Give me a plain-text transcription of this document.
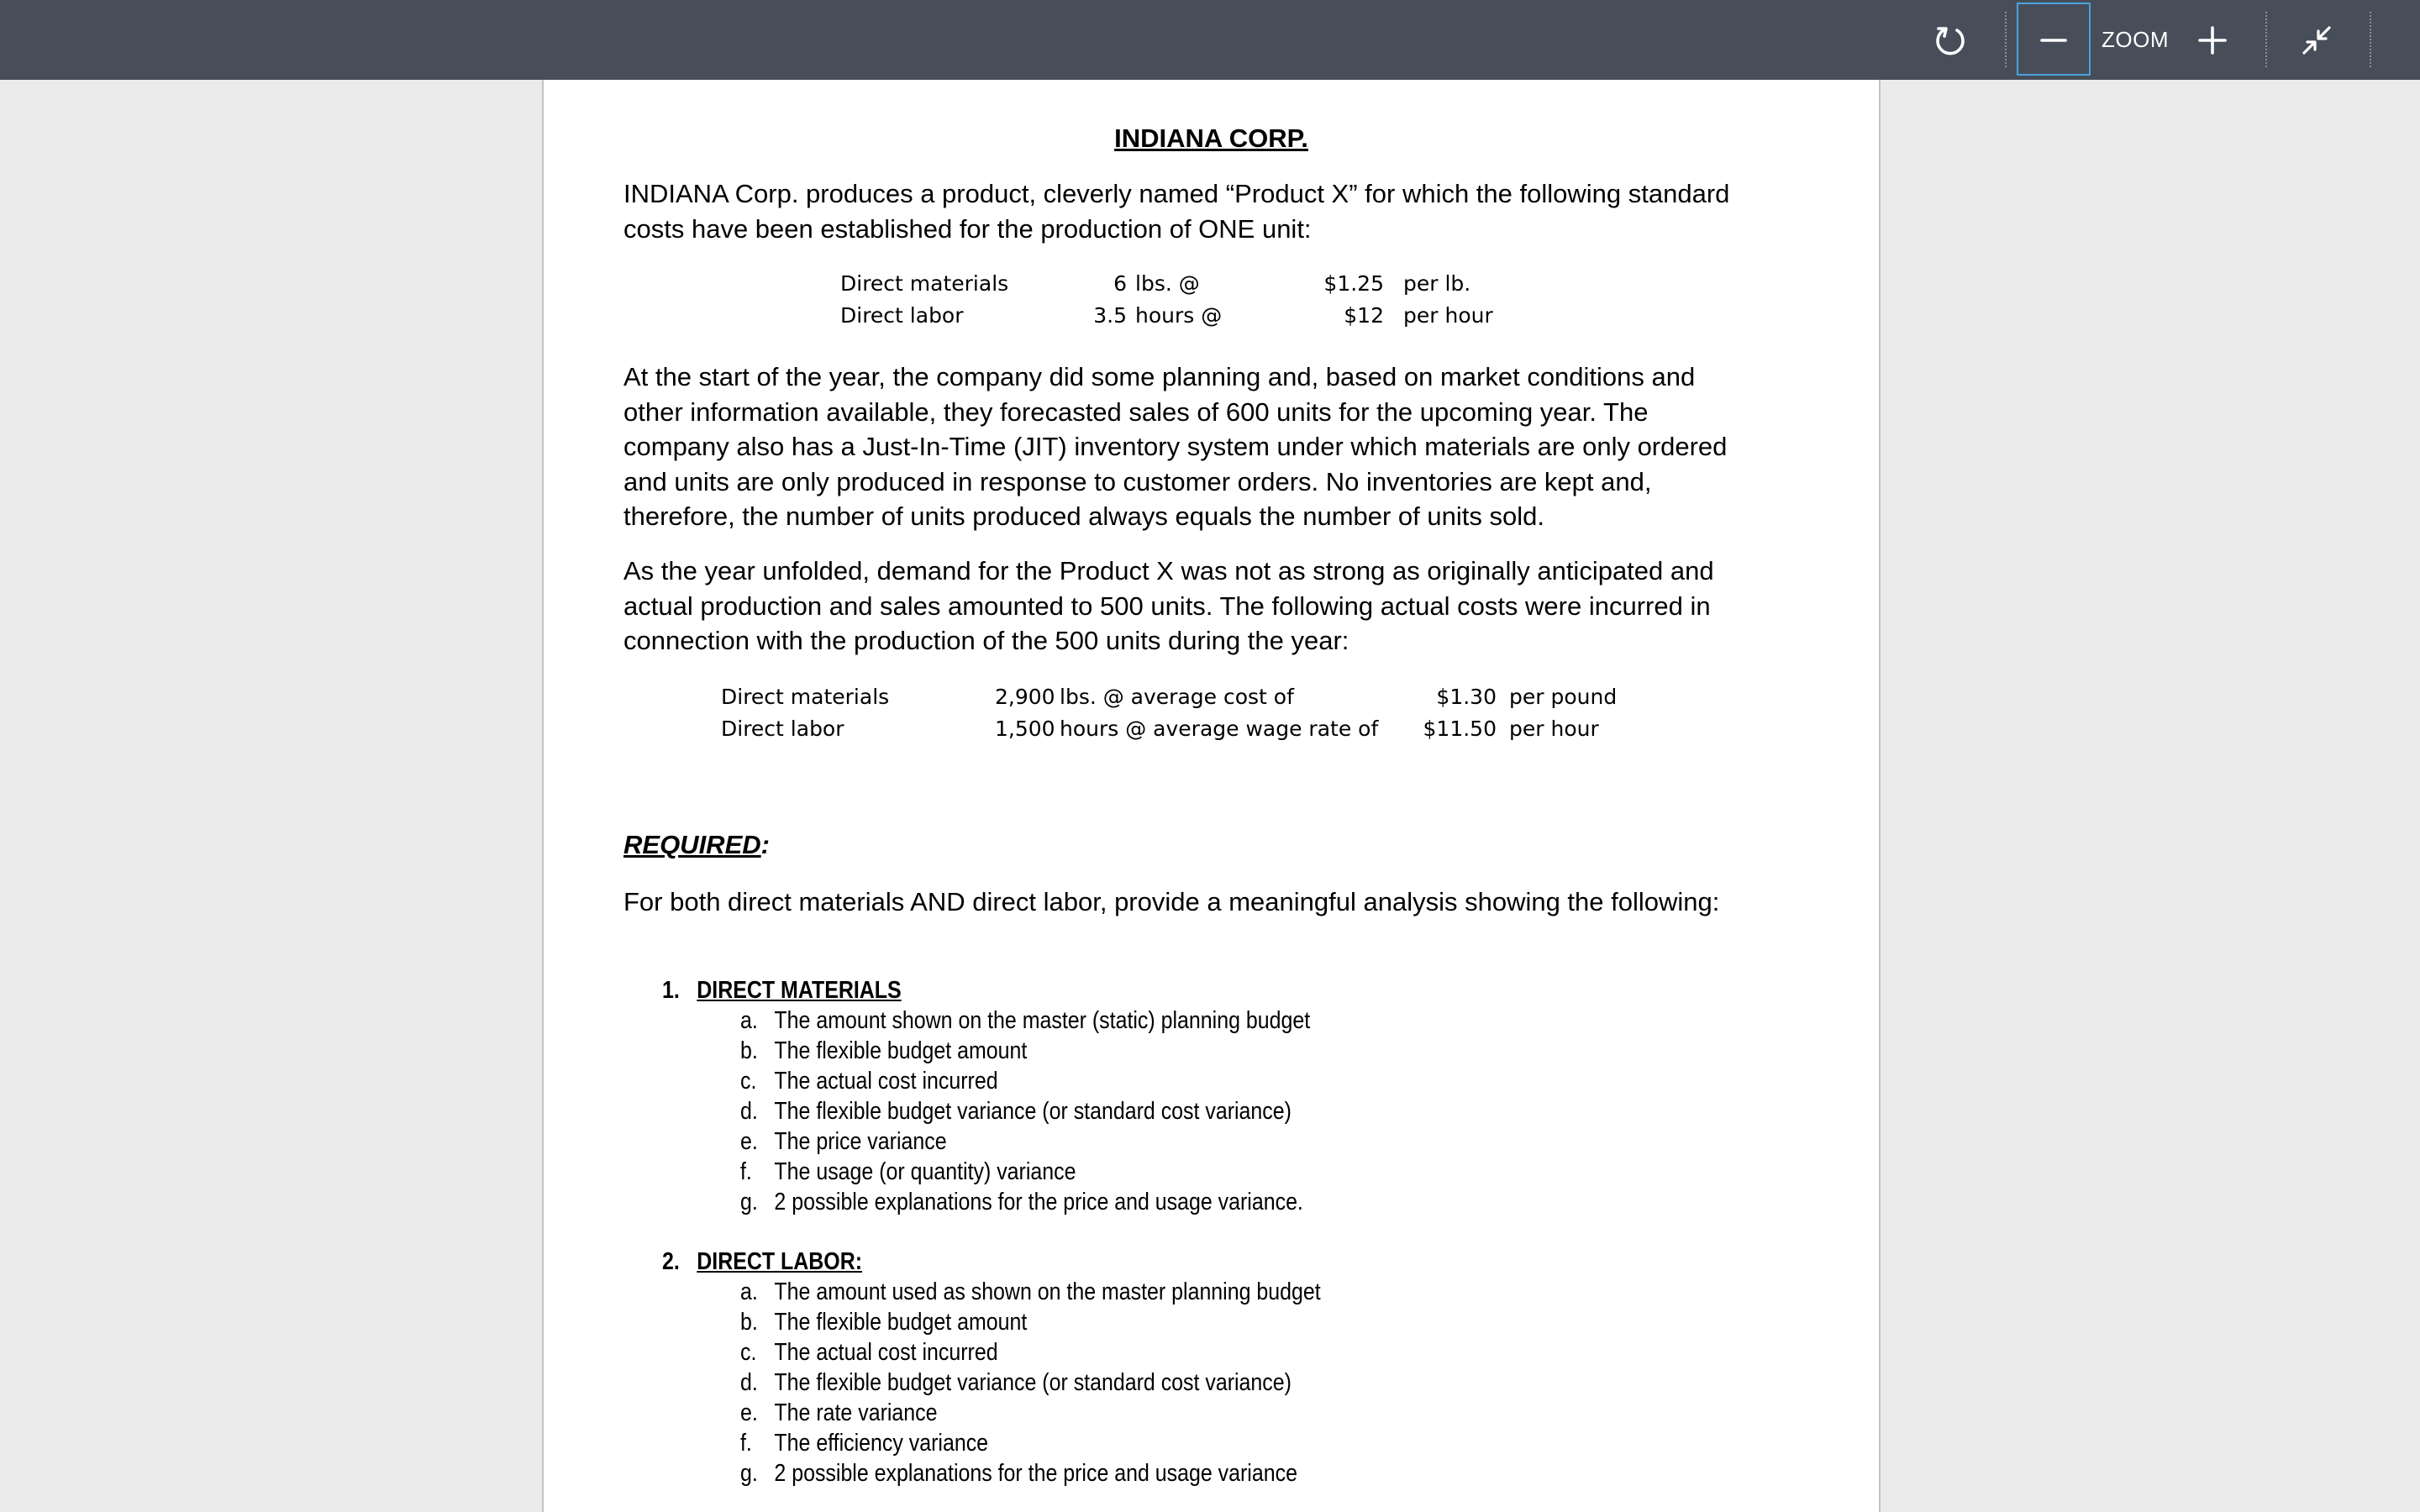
ZOOM
INDIANA CORP.

INDIANA Corp. produces a product, cleverly named “Product X” for which the following standard costs have been established for the production of ONE unit:

Direct materials	6 lbs. @	$1.25 per lb.
Direct labor	3.5 hours @	$12 per hour

At the start of the year, the company did some planning and, based on market conditions and other information available, they forecasted sales of 600 units for the upcoming year. The company also has a Just-In-Time (JIT) inventory system under which materials are only ordered and units are only produced in response to customer orders. No inventories are kept and, therefore, the number of units produced always equals the number of units sold.

As the year unfolded, demand for the Product X was not as strong as originally anticipated and actual production and sales amounted to 500 units. The following actual costs were incurred in connection with the production of the 500 units during the year:

Direct materials	2,900 lbs. @ average cost of	$1.30 per pound
Direct labor	1,500 hours @ average wage rate of $11.50 per hour
REQUIRED:

For both direct materials AND direct labor, provide a meaningful analysis showing the following:

1. DIRECT MATERIALS
a. The amount shown on the master (static) planning budget
b. The flexible budget amount
c. The actual cost incurred
d. The flexible budget variance (or standard cost variance)
e. The price variance
f. The usage (or quantity) variance
g. 2 possible explanations for the price and usage variance.
2. DIRECT LABOR:
a. The amount used as shown on the master planning budget
b. The flexible budget amount
c. The actual cost incurred
d. The flexible budget variance (or standard cost variance)
e. The rate variance
f. The efficiency variance
g. 2 possible explanations for the price and usage variance
